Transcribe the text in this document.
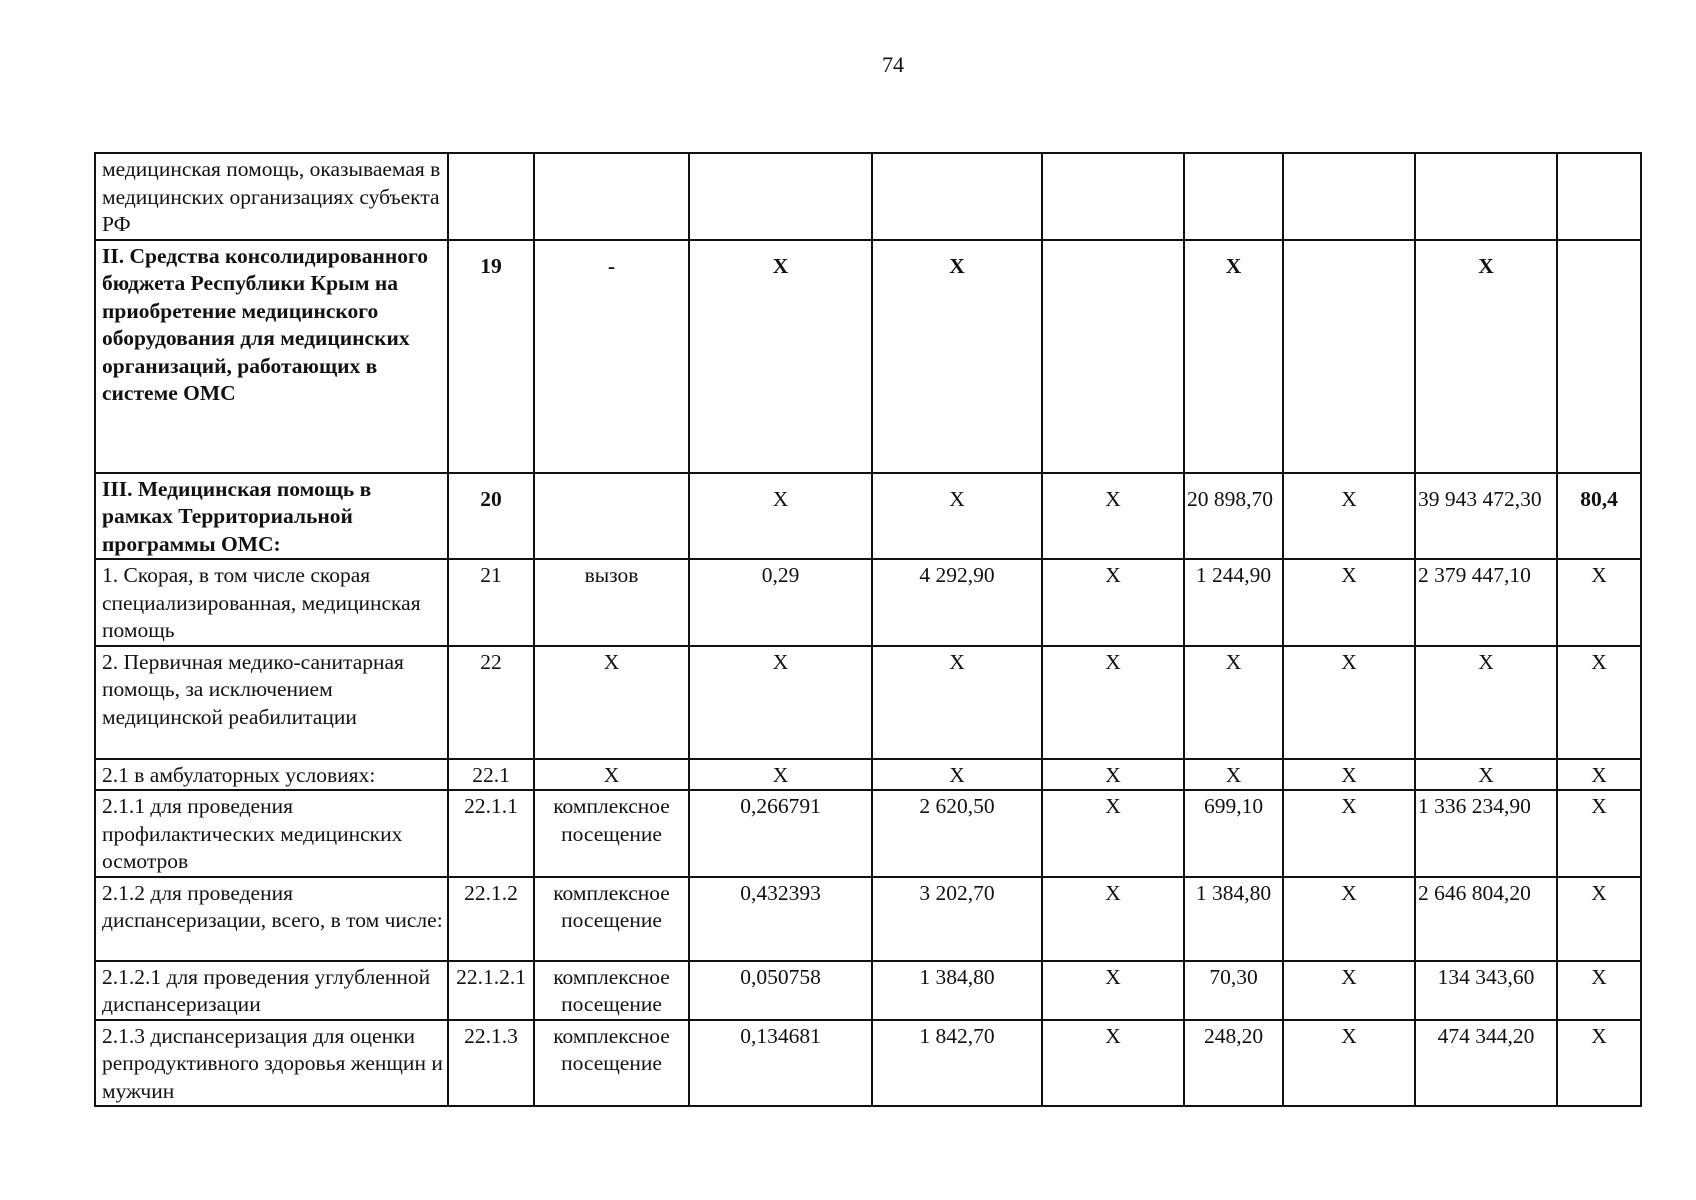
74
медицинская помощь, оказываемая в медицинских организациях субъекта РФ									
II. Средства консолидированного бюджета Республики Крым на приобретение медицинского оборудования для медицинских организаций, работающих в системе ОМС	19	-	X	X		X		X	
III. Медицинская помощь в рамках Территориальной программы ОМС:	20		X	X	X	20 898,70	X	39 943 472,30	80,4
1. Скорая, в том числе скорая специализированная, медицинская помощь	21	вызов	0,29	4 292,90	X	1 244,90	X	2 379 447,10	X
2. Первичная медико-санитарная помощь, за исключением медицинской реабилитации	22	X	X	X	X	X	X	X	X
2.1 в амбулаторных условиях:	22.1	X	X	X	X	X	X	X	X
2.1.1 для проведения профилактических медицинских осмотров	22.1.1	комплексное посещение	0,266791	2 620,50	X	699,10	X	1 336 234,90	X
2.1.2 для проведения диспансеризации, всего, в том числе:	22.1.2	комплексное посещение	0,432393	3 202,70	X	1 384,80	X	2 646 804,20	X
2.1.2.1 для проведения углубленной диспансеризации	22.1.2.1	комплексное посещение	0,050758	1 384,80	X	70,30	X	134 343,60	X
2.1.3 диспансеризация для оценки репродуктивного здоровья женщин и мужчин	22.1.3	комплексное посещение	0,134681	1 842,70	X	248,20	X	474 344,20	X
